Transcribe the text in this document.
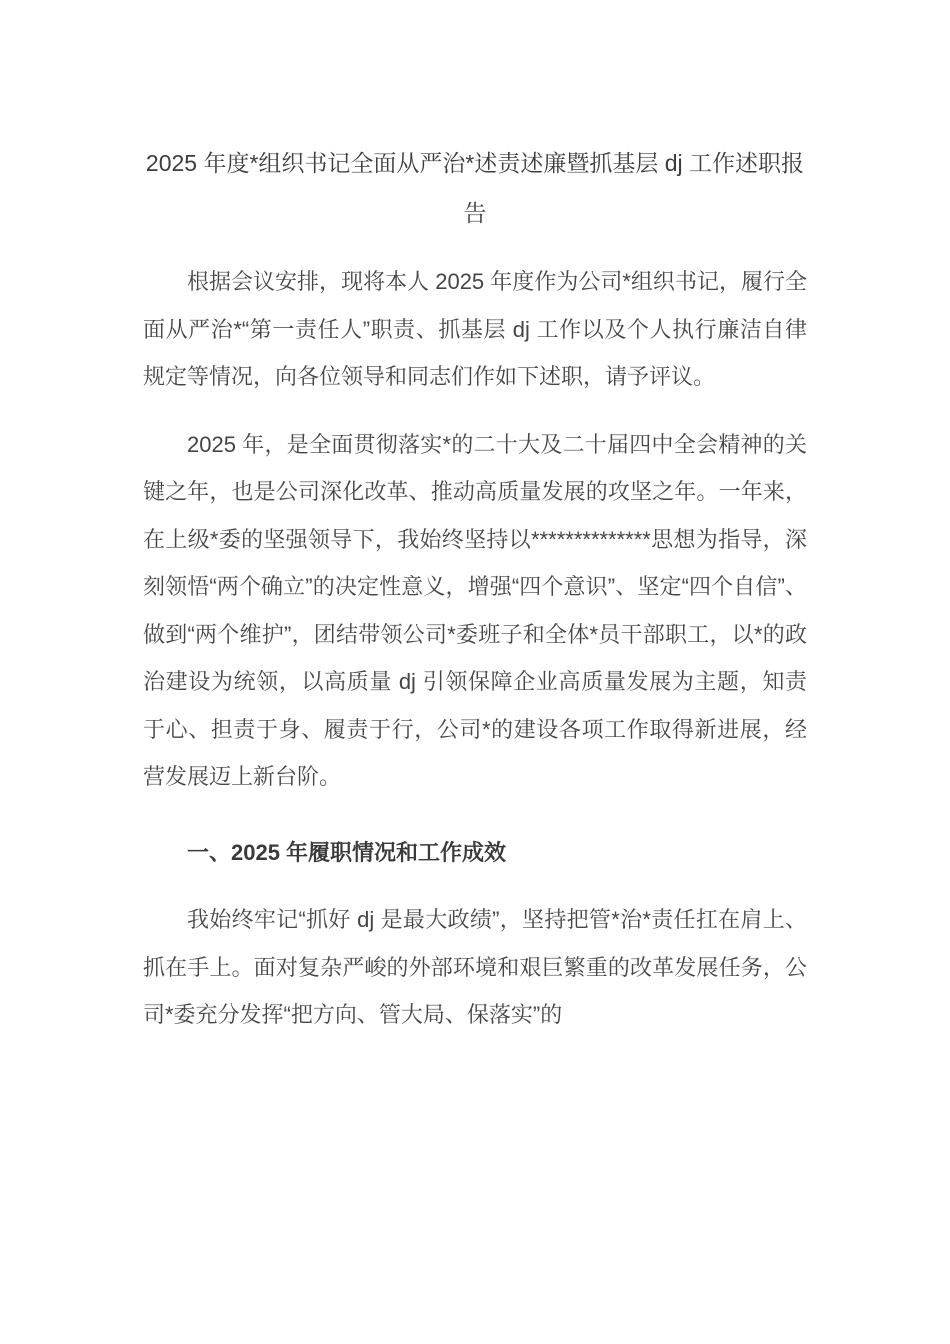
2025 年度*组织书记全面从严治*述责述廉暨抓基层 dj 工作述职报告

根据会议安排，现将本人 2025 年度作为公司*组织书记，履行全面从严治*“第一责任人”职责、抓基层 dj 工作以及个人执行廉洁自律规定等情况，向各位领导和同志们作如下述职，请予评议。

2025 年，是全面贯彻落实*的二十大及二十届四中全会精神的关键之年，也是公司深化改革、推动高质量发展的攻坚之年。一年来，在上级*委的坚强领导下，我始终坚持以**************思想为指导，深刻领悟“两个确立”的决定性意义，增强“四个意识”、坚定“四个自信”、做到“两个维护”，团结带领公司*委班子和全体*员干部职工，以*的政治建设为统领，以高质量 dj 引领保障企业高质量发展为主题，知责于心、担责于身、履责于行，公司*的建设各项工作取得新进展，经营发展迈上新台阶。

一、2025 年履职情况和工作成效

我始终牢记“抓好 dj 是最大政绩”，坚持把管*治*责任扛在肩上、抓在手上。面对复杂严峻的外部环境和艰巨繁重的改革发展任务，公司*委充分发挥“把方向、管大局、保落实”的
